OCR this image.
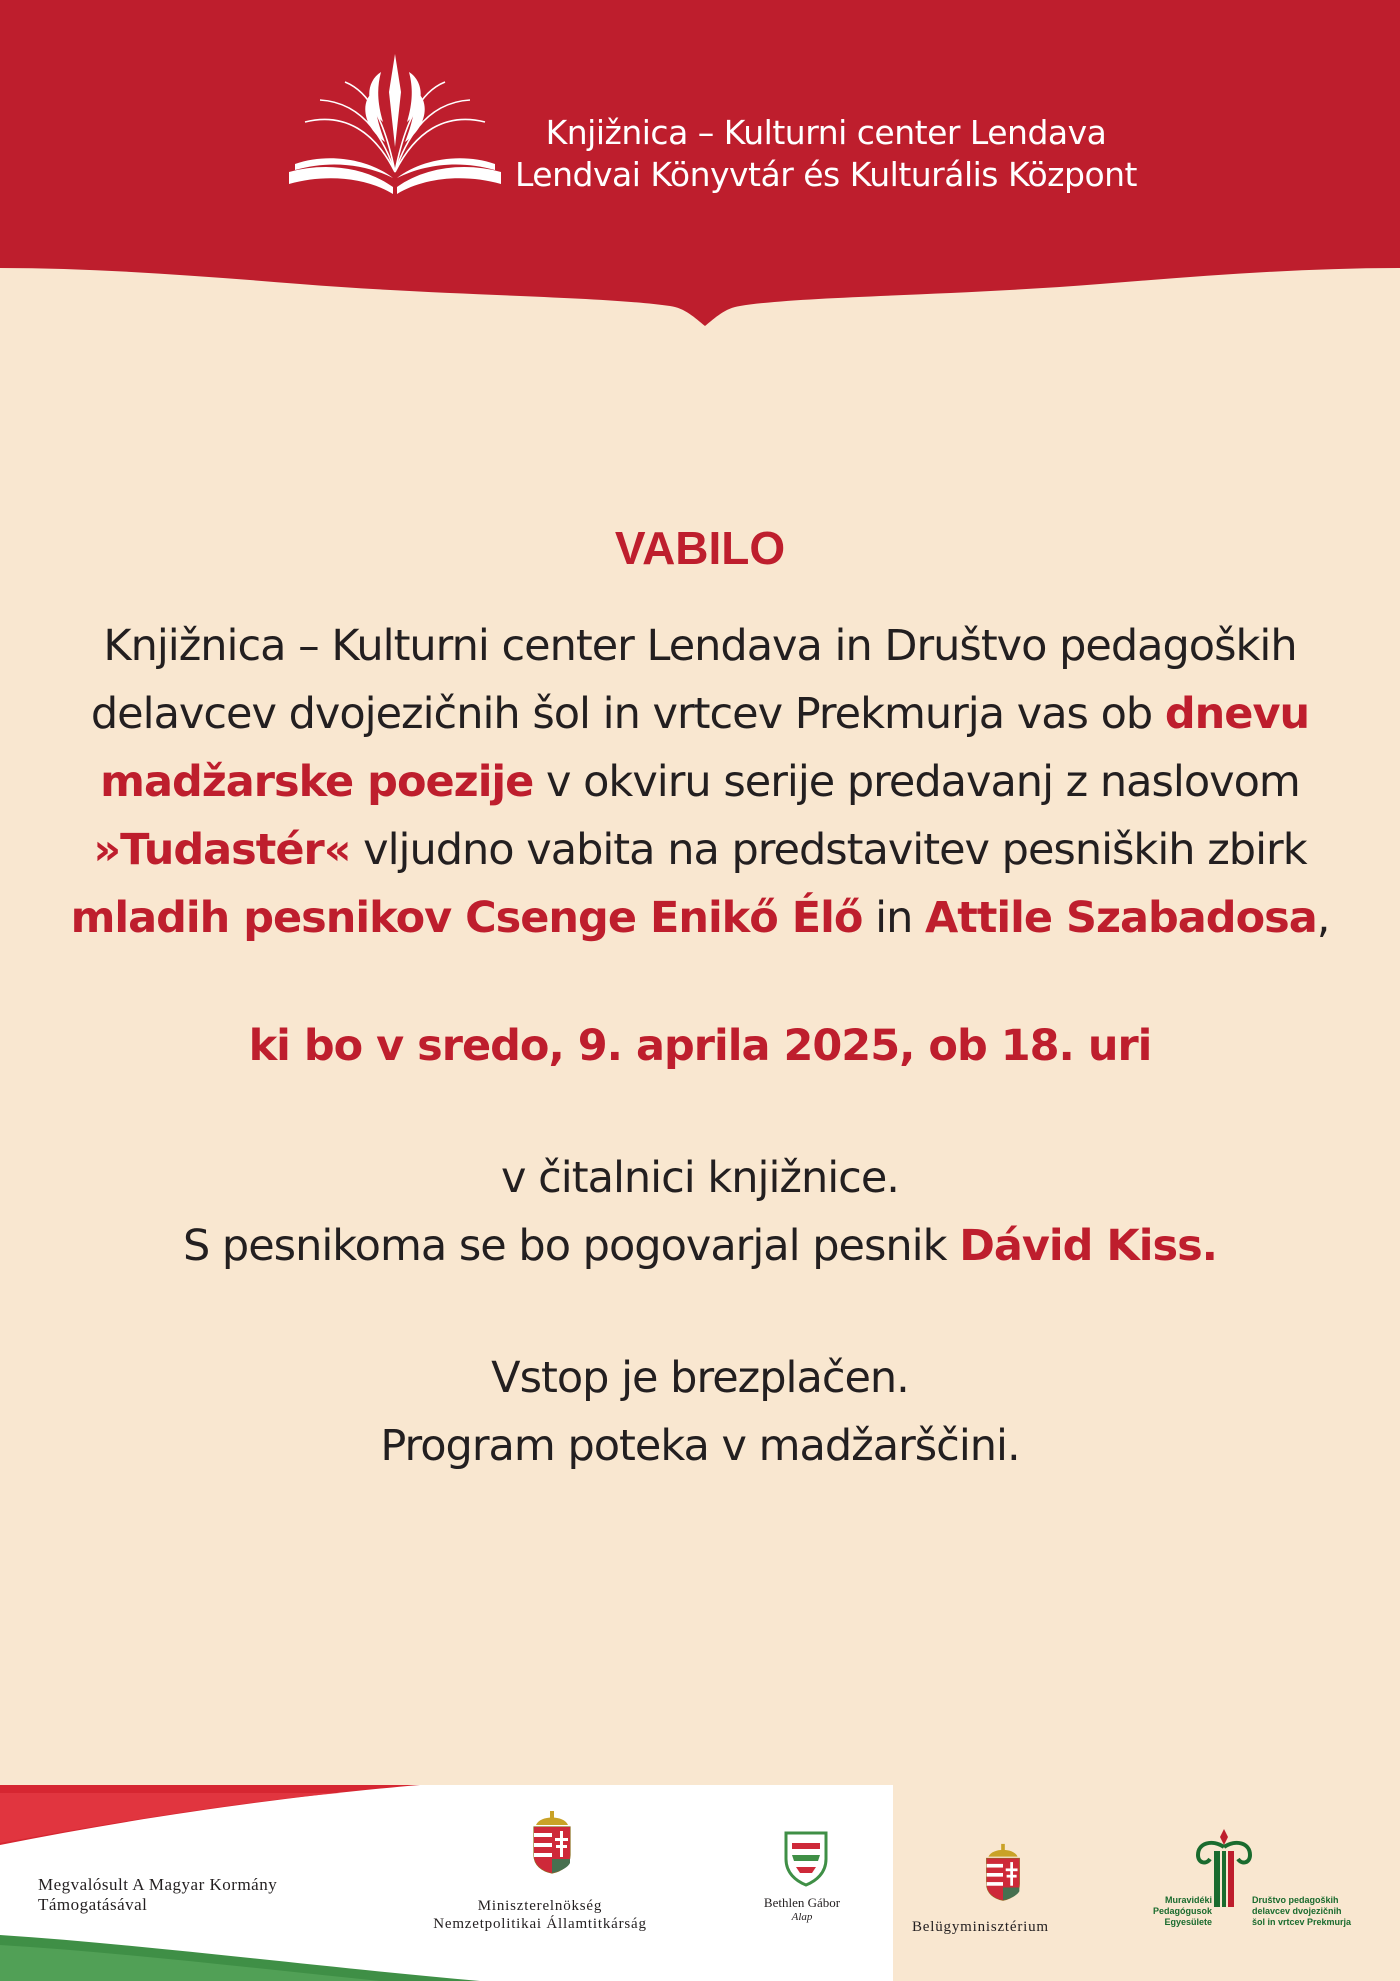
Knjižnica – Kulturni center Lendava
Lendvai Könyvtár és Kulturális Központ
VABILO
Knjižnica – Kulturni center Lendava in Društvo pedagoških
delavcev dvojezičnih šol in vrtcev Prekmurja vas ob dnevu
madžarske poezije v okviru serije predavanj z naslovom
»Tudastér« vljudno vabita na predstavitev pesniških zbirk
mladih pesnikov Csenge Enikő Élő in Attile Szabadosa,
ki bo v sredo, 9. aprila 2025, ob 18. uri
v čitalnici knjižnice.
S pesnikoma se bo pogovarjal pesnik Dávid Kiss.
Vstop je brezplačen.
Program poteka v madžarščini.
Megvalósult A Magyar Kormány
Támogatásával	Miniszterelnökség
Nemzetpolitikai Államtitkárság
Bethlen Gábor
Alap
Belügyminisztérium
Muravidéki
Pedagógusok
Egyesülete
Društvo pedagoških
delavcev dvojezičnih
šol in vrtcev Prekmurja
